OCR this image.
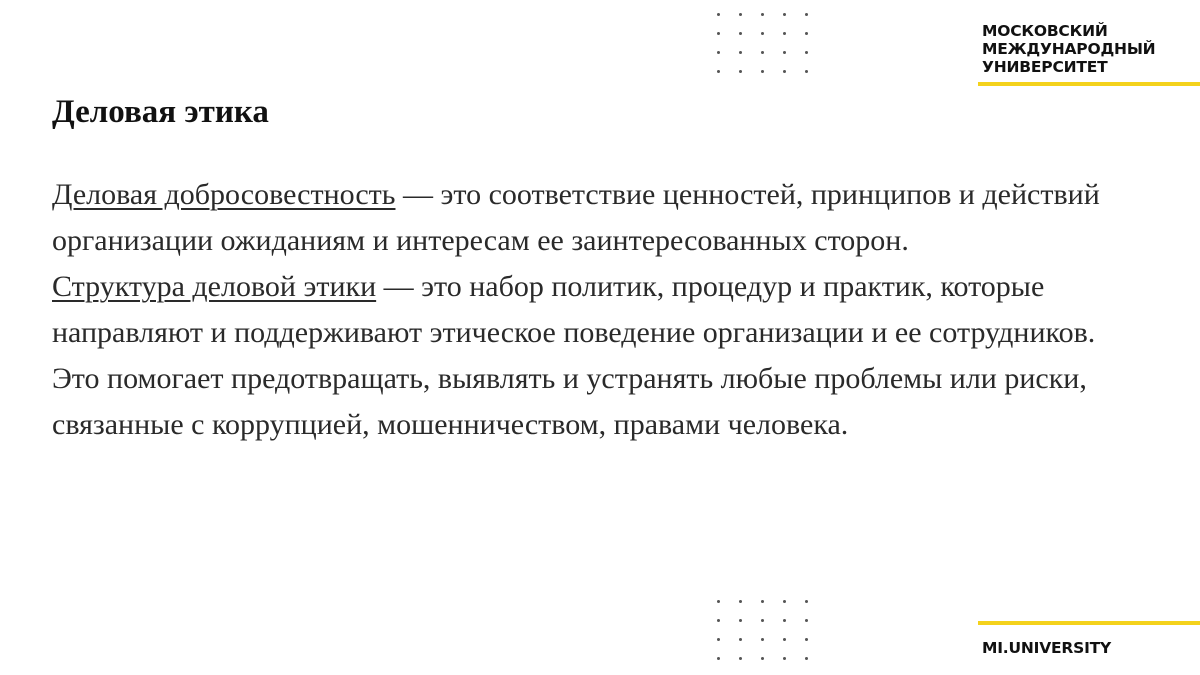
МОСКОВСКИЙ
МЕЖДУНАРОДНЫЙ
УНИВЕРСИТЕТ
Деловая этика

Деловая добросовестность — это соответствие ценностей, принципов и действий организации ожиданиям и интересам ее заинтересованных сторон.

Структура деловой этики — это набор политик, процедур и практик, которые направляют и поддерживают этическое поведение организации и ее сотрудников. Это помогает предотвращать, выявлять и устранять любые проблемы или риски, связанные с коррупцией, мошенничеством, правами человека.

MI.UNIVERSITY
